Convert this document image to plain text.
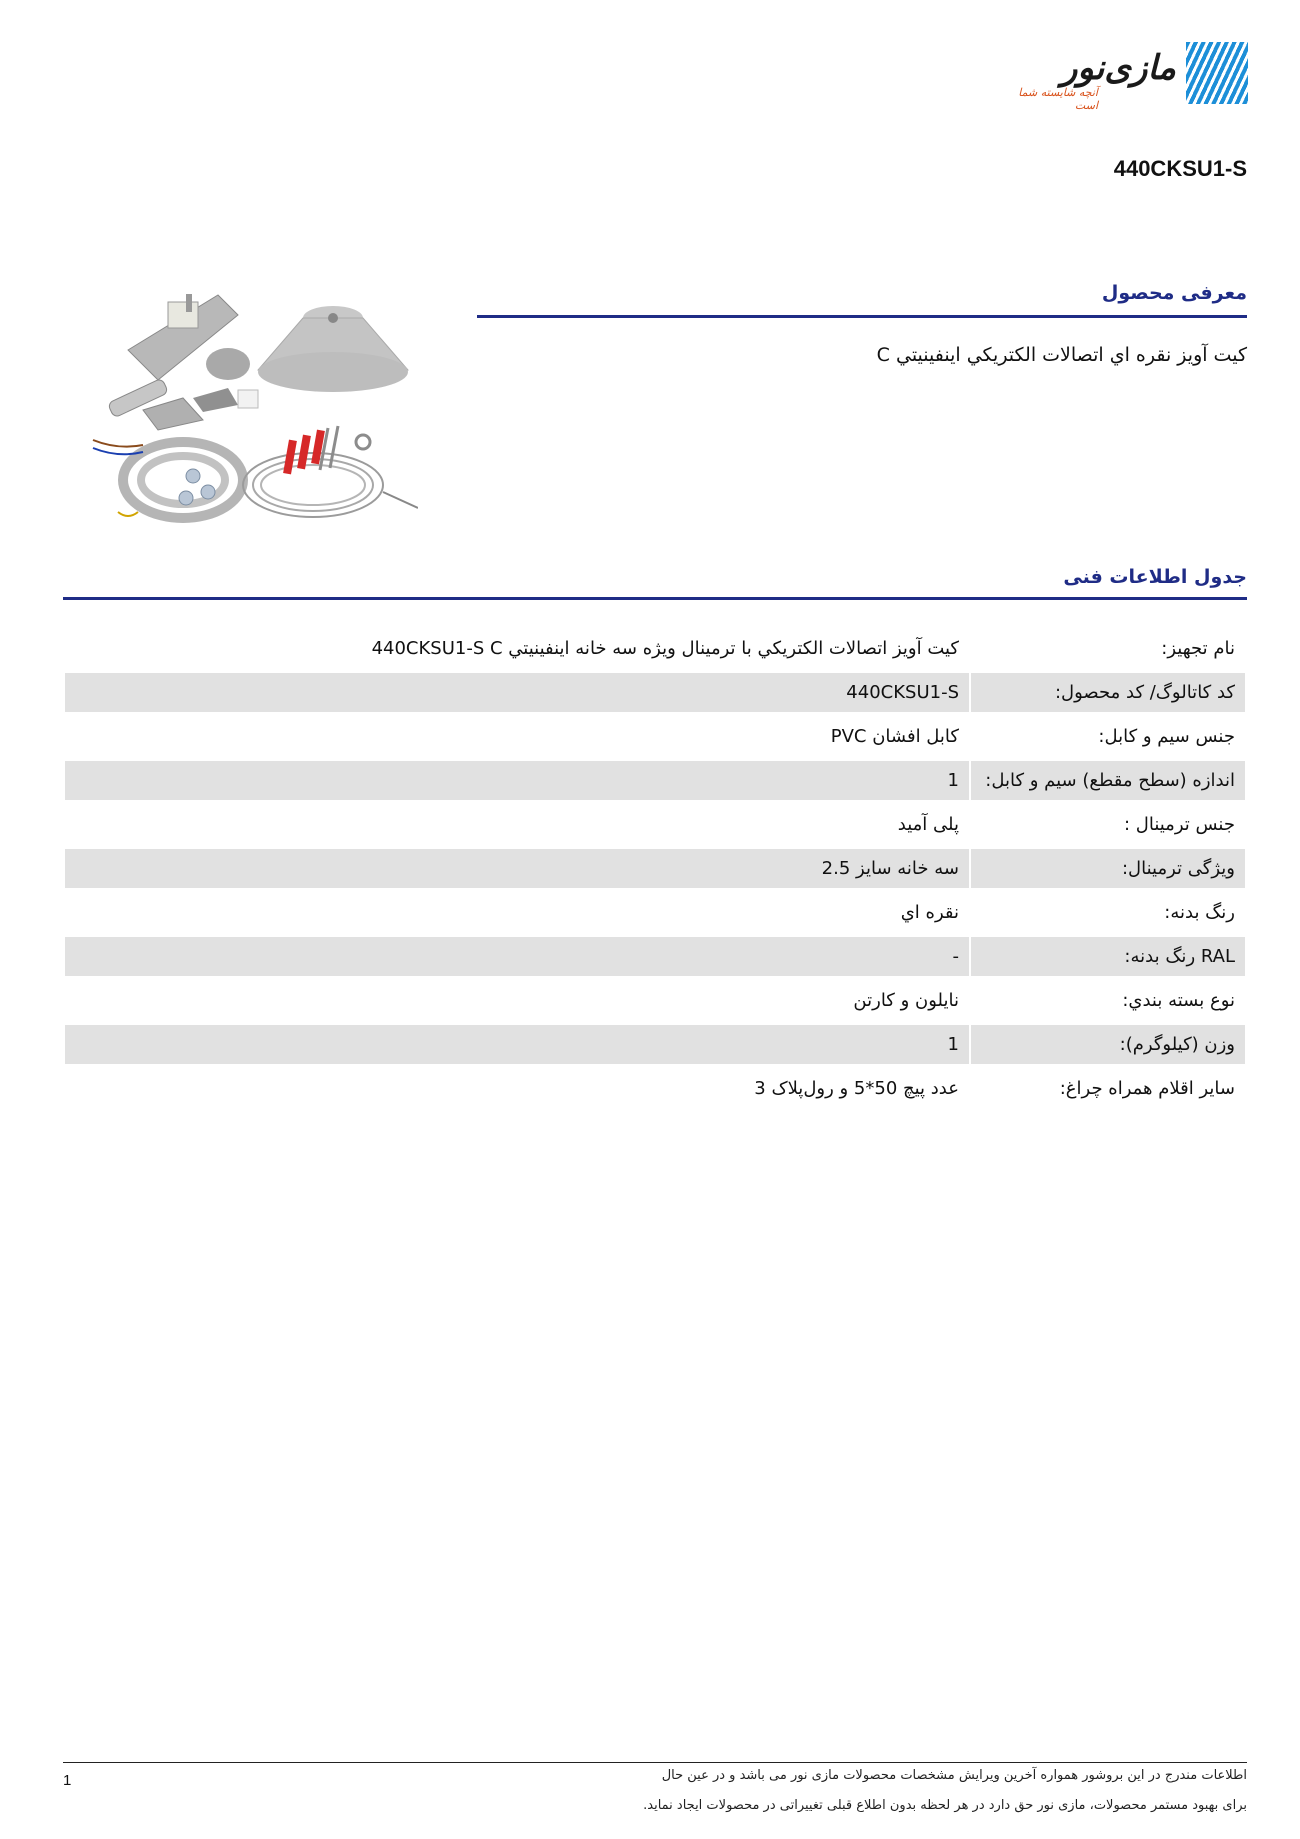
مازی‌نور
آنچه شایسته شما است
440CKSU1-S
معرفی محصول
کیت آویز نقره اي اتصالات الکتریکي اینفینیتي C
جدول اطلاعات فنی
نام تجهیز:	کیت آویز اتصالات الکتریکي با ترمینال ویژه سه خانه اینفینیتي 440CKSU1-S C
کد کاتالوگ/ کد محصول:	440CKSU1-S
جنس سیم و کابل:	کابل افشان PVC
اندازه (سطح مقطع) سیم و کابل:	1
جنس ترمینال :	پلی آمید
ویژگی ترمینال:	سه خانه سایز 2.5
رنگ بدنه:	نقره اي
RAL رنگ بدنه:	-
نوع بسته بندي:	نایلون و کارتن
وزن (کیلوگرم):	1
سایر اقلام همراه چراغ:	عدد پیچ 50*5 و رول‌پلاک 3
1	اطلاعات مندرج در این بروشور همواره آخرین ویرایش مشخصات محصولات مازی نور می باشد و در عین حال
برای بهبود مستمر محصولات، مازی نور حق دارد در هر لحظه بدون اطلاع قبلی تغییراتی در محصولات ایجاد نماید.
